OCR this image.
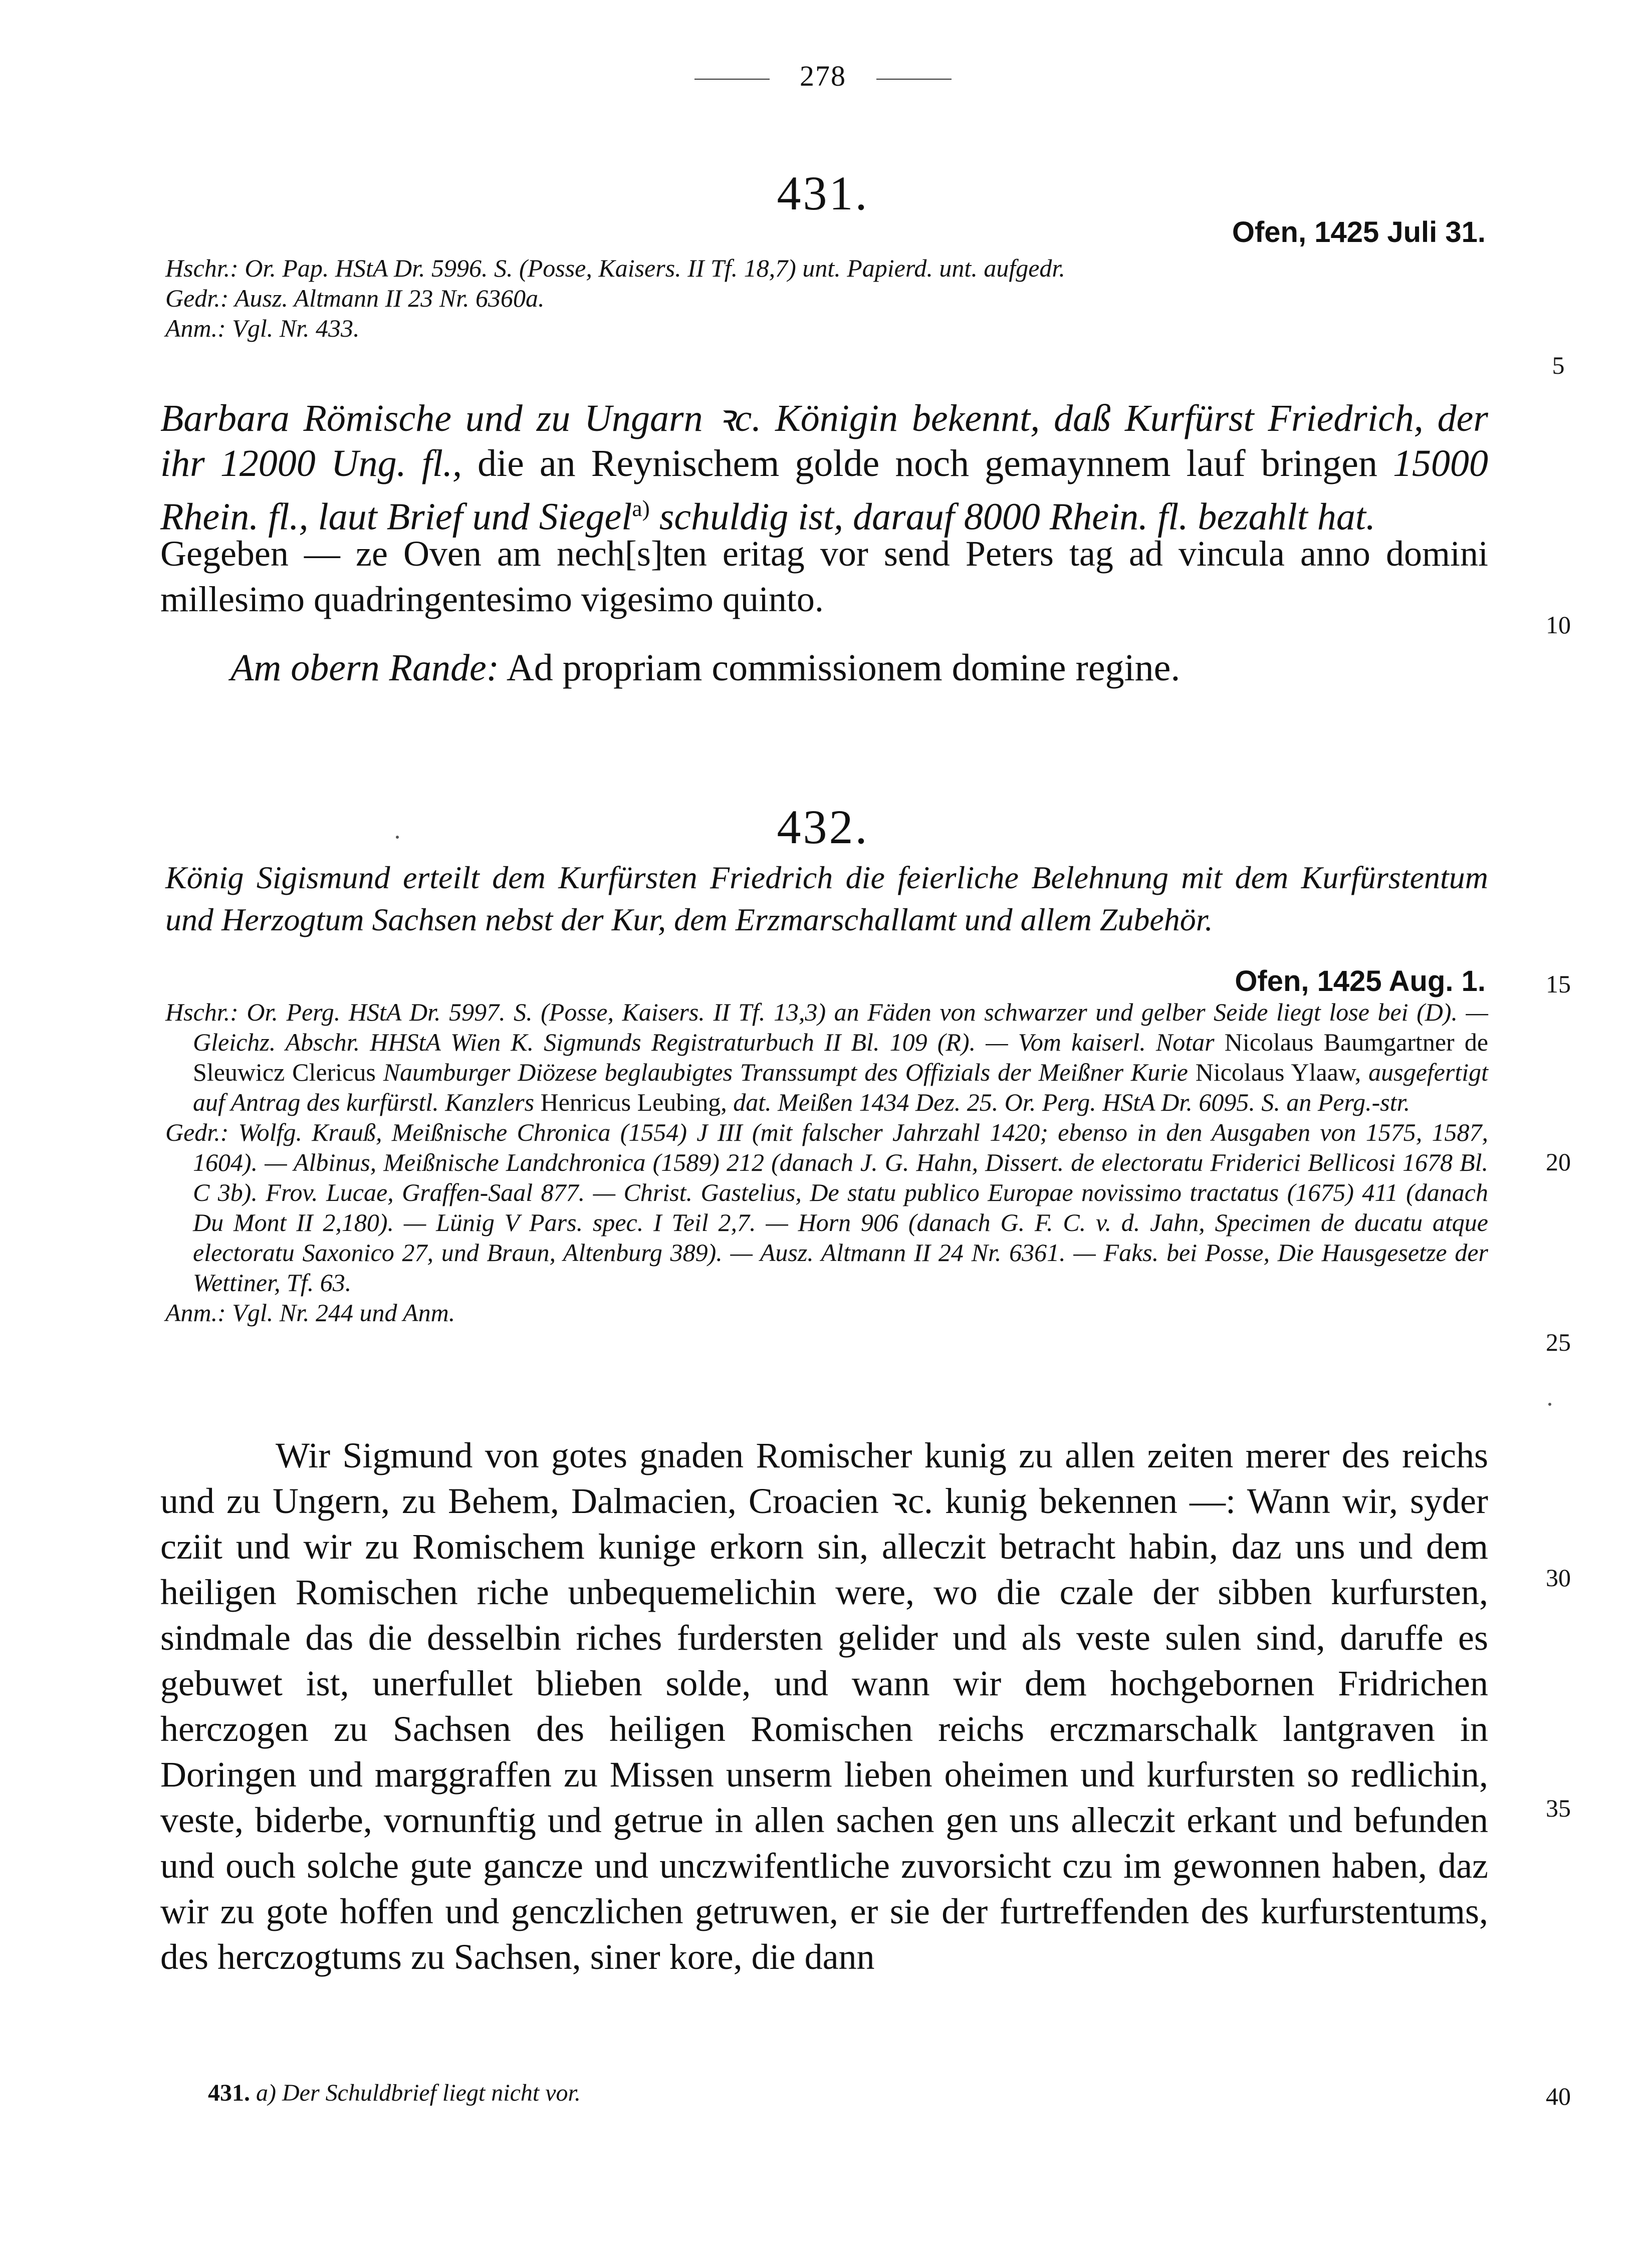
278
431.
Ofen, 1425 Juli 31.

Hschr.: Or. Pap. HStA Dr. 5996. S. (Posse, Kaisers. II Tf. 18,7) unt. Papierd. unt. aufgedr.

Gedr.: Ausz. Altmann II 23 Nr. 6360a.

Anm.: Vgl. Nr. 433.

Barbara Römische und zu Ungarn ꝛc. Königin bekennt, daß Kurfürst Friedrich, der ihr 12000 Ung. fl., die an Reynischem golde noch gemaynnem lauf bringen 15000 Rhein. fl., laut Brief und Siegel$^{a)}$ schuldig ist, darauf 8000 Rhein. fl. bezahlt hat.

Gegeben — ze Oven am nech[s]ten eritag vor send Peters tag ad vincula anno domini millesimo quadringentesimo vigesimo quinto.

Am obern Rande: Ad propriam commissionem domine regine.
432.
König Sigismund erteilt dem Kurfürsten Friedrich die feierliche Belehnung mit dem Kurfürstentum und Herzogtum Sachsen nebst der Kur, dem Erzmarschallamt und allem Zubehör.
Ofen, 1425 Aug. 1.

Hschr.: Or. Perg. HStA Dr. 5997. S. (Posse, Kaisers. II Tf. 13,3) an Fäden von schwarzer und gelber Seide liegt lose bei (D). — Gleichz. Abschr. HHStA Wien K. Sigmunds Registraturbuch II Bl. 109 (R). — Vom kaiserl. Notar Nicolaus Baumgartner de Sleuwicz Clericus Naumburger Diözese beglaubigtes Transsumpt des Offizials der Meißner Kurie Nicolaus Ylaaw, ausgefertigt auf Antrag des kurfürstl. Kanzlers Henricus Leubing, dat. Meißen 1434 Dez. 25. Or. Perg. HStA Dr. 6095. S. an Perg.-str.

Gedr.: Wolfg. Krauß, Meißnische Chronica (1554) J III (mit falscher Jahrzahl 1420; ebenso in den Ausgaben von 1575, 1587, 1604). — Albinus, Meißnische Landchronica (1589) 212 (danach J. G. Hahn, Dissert. de electoratu Friderici Bellicosi 1678 Bl. C 3b). Frov. Lucae, Graffen-Saal 877. — Christ. Gastelius, De statu publico Europae novissimo tractatus (1675) 411 (danach Du Mont II 2,180). — Lünig V Pars. spec. I Teil 2,7. — Horn 906 (danach G. F. C. v. d. Jahn, Specimen de ducatu atque electoratu Saxonico 27, und Braun, Altenburg 389). — Ausz. Altmann II 24 Nr. 6361. — Faks. bei Posse, Die Hausgesetze der Wettiner, Tf. 63.

Anm.: Vgl. Nr. 244 und Anm.

Wir Sigmund von gotes gnaden Romischer kunig zu allen zeiten merer des reichs und zu Ungern, zu Behem, Dalmacien, Croacien ꝛc. kunig bekennen —: Wann wir, syder cziit und wir zu Romischem kunige erkorn sin, alleczit betracht habin, daz uns und dem heiligen Romischen riche unbequemelichin were, wo die czale der sibben kurfursten, sindmale das die desselbin riches furdersten gelider und als veste sulen sind, daruffe es gebuwet ist, unerfullet blieben solde, und wann wir dem hochgebornen Fridrichen herczogen zu Sachsen des heiligen Romischen reichs erczmarschalk lantgraven in Doringen und marggraffen zu Missen unserm lieben oheimen und kurfursten so redlichin, veste, biderbe, vornunftig und getrue in allen sachen gen uns alleczit erkant und befunden und ouch solche gute gancze und unczwifentliche zuvorsicht czu im gewonnen haben, daz wir zu gote hoffen und genczlichen getruwen, er sie der furtreffenden des kurfurstentums, des herczogtums zu Sachsen, siner kore, die dann

431. a) Der Schuldbrief liegt nicht vor.
5
10
15
20
25
30
35
40
